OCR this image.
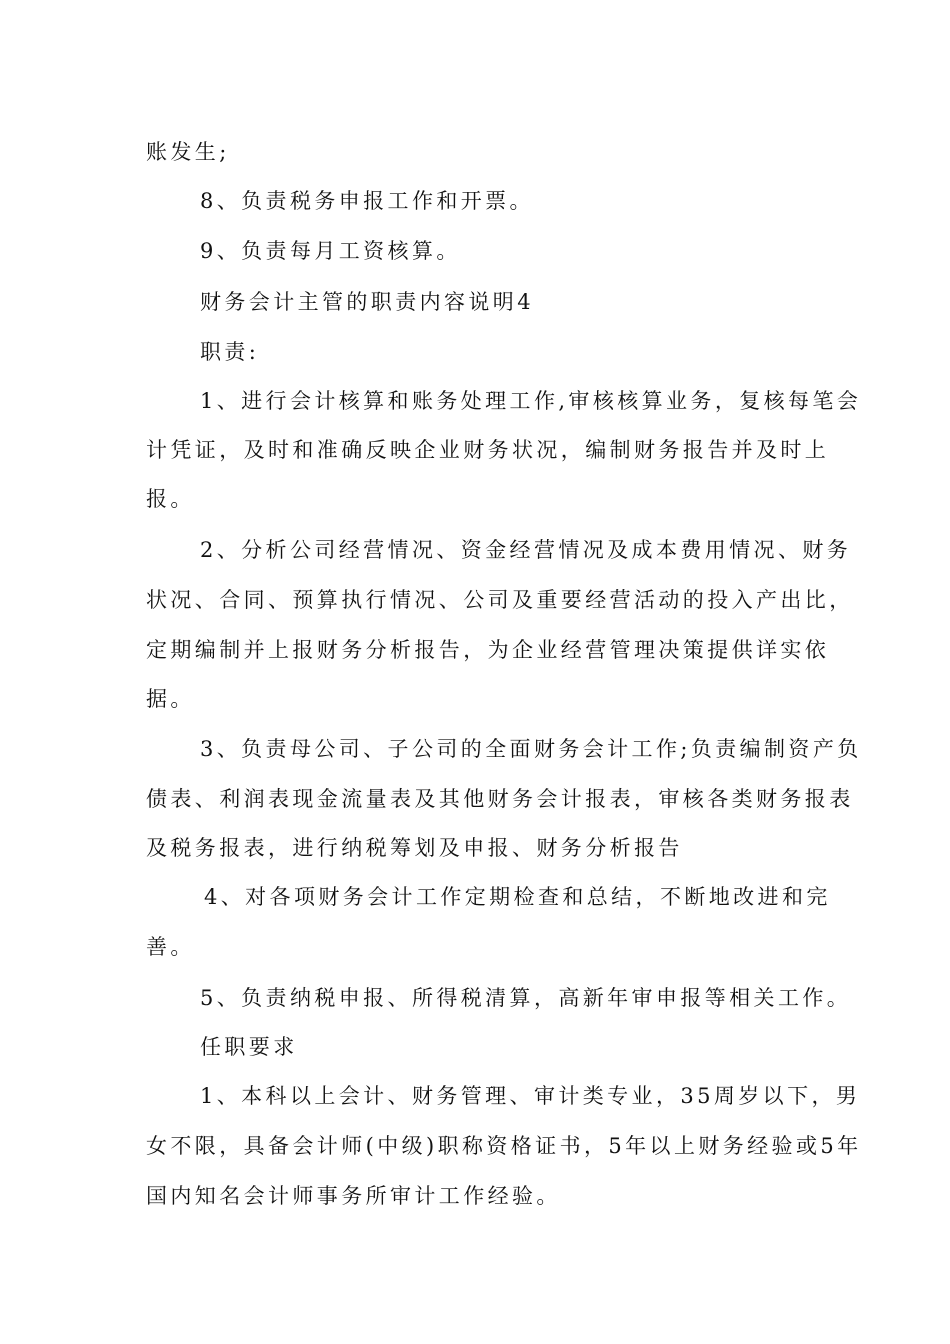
账发生;
8、负责税务申报工作和开票。
9、负责每月工资核算。
财务会计主管的职责内容说明4
职责:
1、进行会计核算和账务处理工作,审核核算业务，复核每笔会
计凭证，及时和准确反映企业财务状况，编制财务报告并及时上
报。
2、分析公司经营情况、资金经营情况及成本费用情况、财务
状况、合同、预算执行情况、公司及重要经营活动的投入产出比，
定期编制并上报财务分析报告，为企业经营管理决策提供详实依
据。
3、负责母公司、子公司的全面财务会计工作;负责编制资产负
债表、利润表现金流量表及其他财务会计报表，审核各类财务报表
及税务报表，进行纳税筹划及申报、财务分析报告
4、对各项财务会计工作定期检查和总结，不断地改进和完
善。
5、负责纳税申报、所得税清算，高新年审申报等相关工作。
任职要求
1、本科以上会计、财务管理、审计类专业，35周岁以下，男
女不限，具备会计师(中级)职称资格证书，5年以上财务经验或5年
国内知名会计师事务所审计工作经验。
